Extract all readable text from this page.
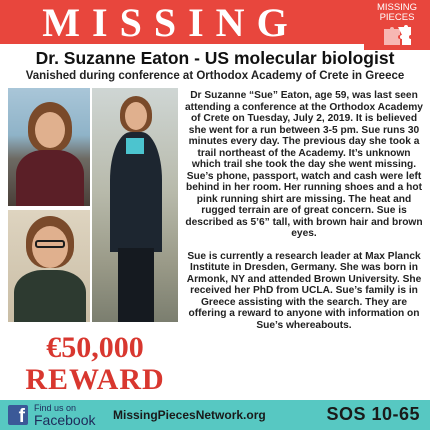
MISSING	MISSING
PIECES
Dr. Suzanne Eaton - US molecular biologist
Vanished during conference at Orthodox Academy of Crete in Greece

Dr Suzanne “Sue” Eaton, age 59, was last seen attending a conference at the Orthodox Academy of Crete on Tuesday, July 2, 2019. It is believed she went for a run between 3-5 pm. Sue runs 30 minutes every day. The previous day she took a trail northeast of the Academy. It’s unknown which trail she took the day she went missing. Sue’s phone, passport, watch and cash were left behind in her room. Her running shoes and a hot pink running shirt are missing. The heat and rugged terrain are of great concern. Sue is described as 5’6” tall, with brown hair and brown eyes.

Sue is currently a research leader at Max Planck Institute in Dresden, Germany. She was born in Armonk, NY and attended Brown University. She received her PhD from UCLA. Sue’s family is in Greece assisting with the search. They are offering a reward to anyone with information on Sue’s whereabouts.

€50,000
REWARD
f Find us on
Facebook MissingPiecesNetwork.org	SOS 10-65
